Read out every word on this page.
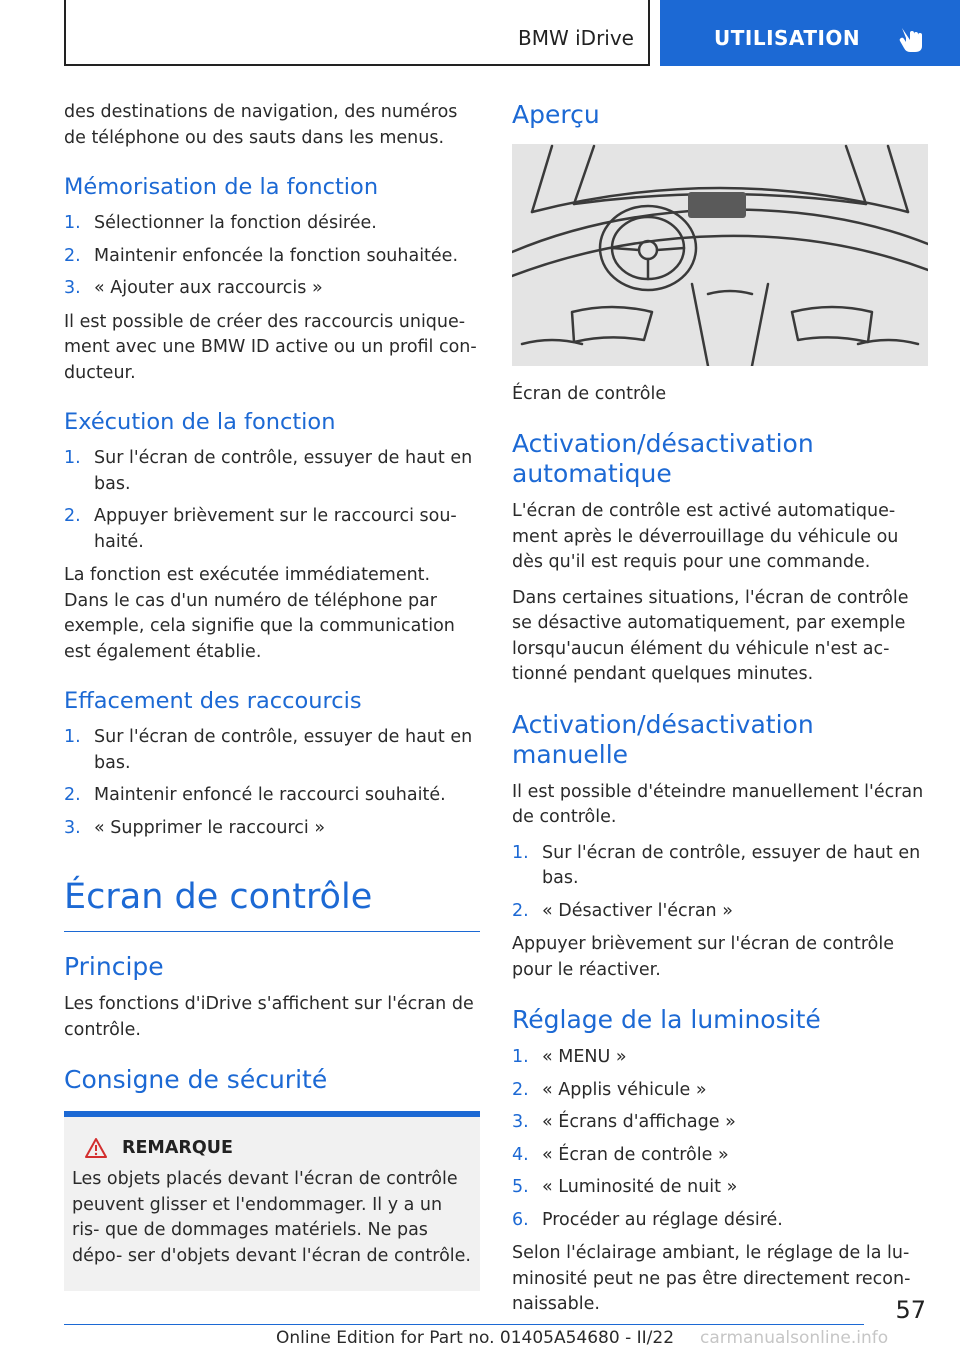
BMW iDrive	UTILISATION

des destinations de navigation, des numéros de téléphone ou des sauts dans les menus.

Mémorisation de la fonction
1. Sélectionner la fonction désirée.
2. Maintenir enfoncée la fonction souhaitée.
3. « Ajouter aux raccourcis »

Il est possible de créer des raccourcis unique- ment avec une BMW ID active ou un profil con- ducteur.

Exécution de la fonction
1. Sur l'écran de contrôle, essuyer de haut en bas.
2. Appuyer brièvement sur le raccourci sou- haité.

La fonction est exécutée immédiatement. Dans le cas d'un numéro de téléphone par exemple, cela signifie que la communication est également établie.

Effacement des raccourcis
1. Sur l'écran de contrôle, essuyer de haut en bas.
2. Maintenir enfoncé le raccourci souhaité.
3. « Supprimer le raccourci »
Écran de contrôle
Principe

Les fonctions d'iDrive s'affichent sur l'écran de contrôle.

Consigne de sécurité
REMARQUE

Les objets placés devant l'écran de contrôle peuvent glisser et l'endommager. Il y a un ris- que de dommages matériels. Ne pas dépo- ser d'objets devant l'écran de contrôle.

Aperçu

Écran de contrôle

Activation/désactivation automatique

L'écran de contrôle est activé automatique- ment après le déverrouillage du véhicule ou dès qu'il est requis pour une commande.

Dans certaines situations, l'écran de contrôle se désactive automatiquement, par exemple lorsqu'aucun élément du véhicule n'est ac- tionné pendant quelques minutes.

Activation/désactivation manuelle

Il est possible d'éteindre manuellement l'écran de contrôle.

1. Sur l'écran de contrôle, essuyer de haut en bas.
2. « Désactiver l'écran »

Appuyer brièvement sur l'écran de contrôle pour le réactiver.

Réglage de la luminosité
1. « MENU »
2. « Applis véhicule »
3. « Écrans d'affichage »
4. « Écran de contrôle »
5. « Luminosité de nuit »
6. Procéder au réglage désiré.

Selon l'éclairage ambiant, le réglage de la lu- minosité peut ne pas être directement recon- naissable.	57
Online Edition for Part no. 01405A54680 - II/22 carmanualsonline.info
